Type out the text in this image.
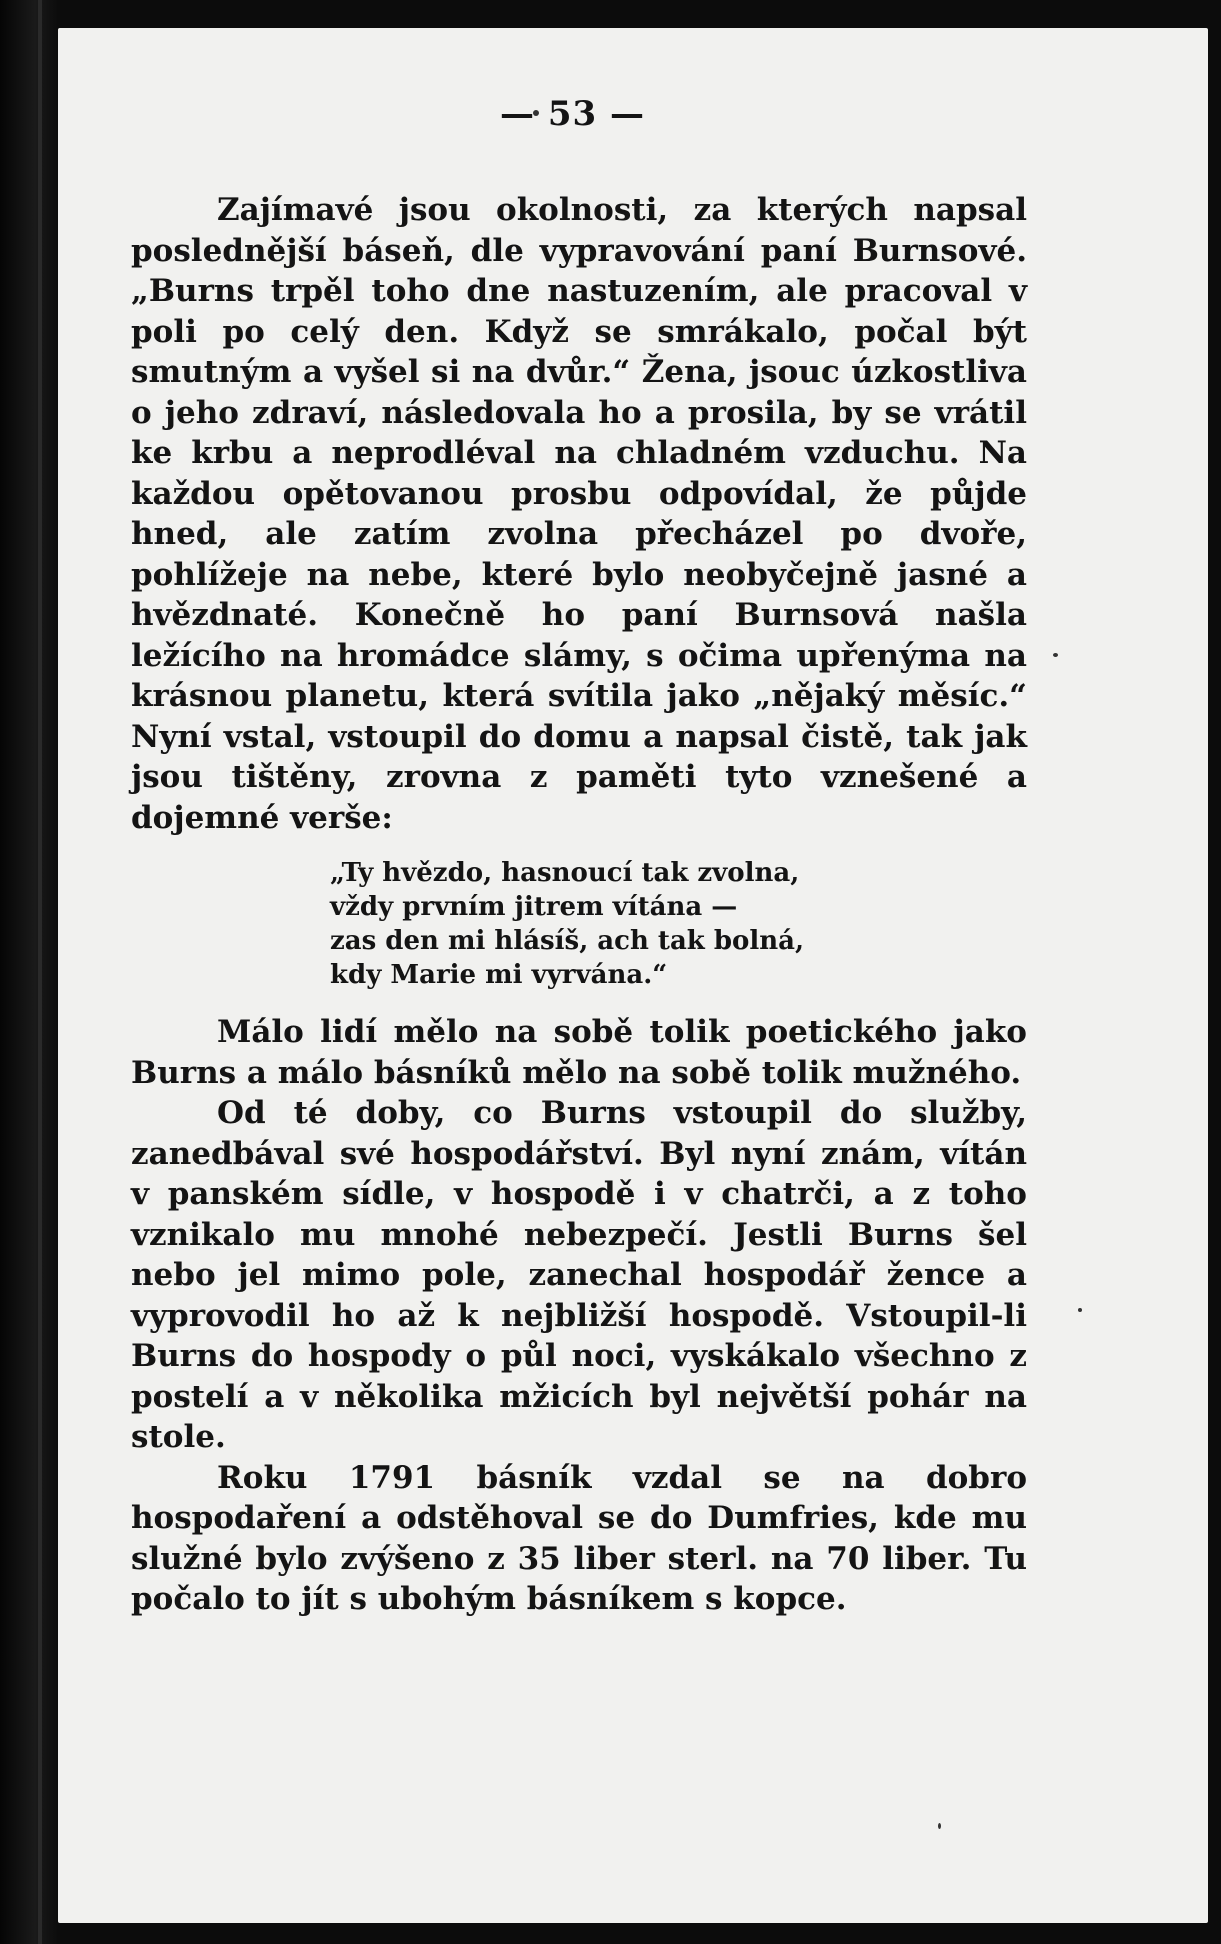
— 53 —

Zajímavé jsou okolnosti, za kterých napsal poslednější báseň, dle vypravování paní Burnsové. „Burns trpěl toho dne nastuzením, ale pracoval v poli po celý den. Když se smrákalo, počal být smutným a vyšel si na dvůr.“ Žena, jsouc úzkostliva o jeho zdraví, následovala ho a prosila, by se vrátil ke krbu a neprodléval na chladném vzduchu. Na každou opětovanou prosbu odpovídal, že půjde hned, ale zatím zvolna přecházel po dvoře, pohlížeje na nebe, které bylo neobyčejně jasné a hvězdnaté. Konečně ho paní Burnsová našla ležícího na hromádce slámy, s očima upřenýma na krásnou planetu, která svítila jako „nějaký měsíc.“ Nyní vstal, vstoupil do domu a napsal čistě, tak jak jsou tištěny, zrovna z paměti tyto vznešené a dojemné verše:

„Ty hvězdo, hasnoucí tak zvolna,
vždy prvním jitrem vítána —
zas den mi hlásíš, ach tak bolná,
kdy Marie mi vyrvána.“

Málo lidí mělo na sobě tolik poetického jako Burns a málo básníků mělo na sobě tolik mužného.

Od té doby, co Burns vstoupil do služby, zanedbával své hospodářství. Byl nyní znám, vítán v panském sídle, v hospodě i v chatrči, a z toho vznikalo mu mnohé nebezpečí. Jestli Burns šel nebo jel mimo pole, zanechal hospodář žence a vyprovodil ho až k nejbližší hospodě. Vstoupil-li Burns do hospody o půl noci, vyskákalo všechno z postelí a v několika mžicích byl největší pohár na stole.

Roku 1791 básník vzdal se na dobro hospodaření a odstěhoval se do Dumfries, kde mu služné bylo zvýšeno z 35 liber sterl. na 70 liber. Tu počalo to jít s ubohým básníkem s kopce.
